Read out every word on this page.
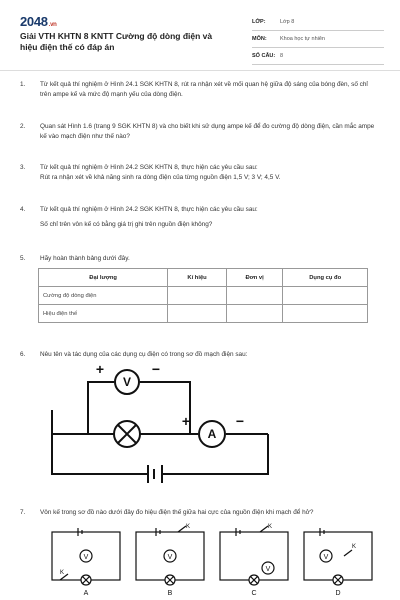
2048.vn
Giải VTH KHTN 8 KNTT Cường độ dòng điện và hiệu điện thế có đáp án
LỚP:	Lớp 8
MÔN:	Khoa học tự nhiên
SỐ CÂU: 8
1.	Từ kết quả thí nghiệm ở Hình 24.1 SGK KHTN 8, rút ra nhận xét về mối quan hệ giữa độ sáng của bóng đèn, số chỉ trên ampe kế và mức độ mạnh yếu của dòng điện.
2.	Quan sát Hình 1.6 (trang 9 SGK KHTN 8) và cho biết khi sử dụng ampe kế để đo cường độ dòng điện, cần mắc ampe kế vào mạch điện như thế nào?
3.	Từ kết quả thí nghiệm ở Hình 24.2 SGK KHTN 8, thực hiện các yêu cầu sau:
Rút ra nhận xét về khả năng sinh ra dòng điện của từng nguồn điện 1,5 V; 3 V; 4,5 V.
4.	Từ kết quả thí nghiệm ở Hình 24.2 SGK KHTN 8, thực hiện các yêu cầu sau:

Số chỉ trên vôn kế có bằng giá trị ghi trên nguồn điện không?
5.	Hãy hoàn thành bảng dưới đây.
Đại lượng	Kí hiệu	Đơn vị	Dụng cụ đo
Cường độ dòng điện			
Hiệu điện thế			
6.	Nêu tên và tác dụng của các dụng cụ điện có trong sơ đồ mạch điện sau:
V
+	−
A
+	−
7.	Vôn kế trong sơ đồ nào dưới đây đo hiệu điện thế giữa hai cực của nguồn điện khi mạch để hở?
V
K
A
V
K
B
V
K
C
V
K
D
